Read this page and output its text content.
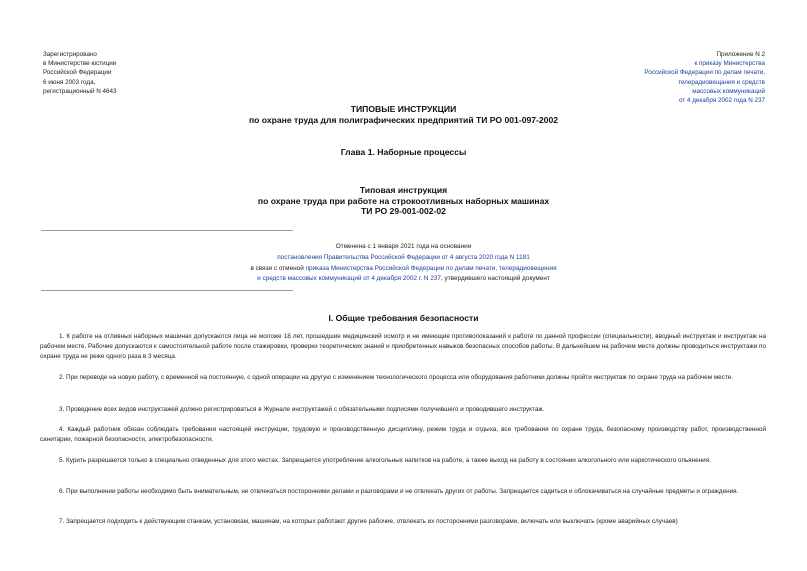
Зарегистрировано
в Министерстве юстиции
Российской Федерации
6 июня 2003 года,
регистрационный N 4643
Приложение N 2
к приказу Министерства
Российской Федерации по делам печати,
телерадиовещания и средств
массовых коммуникаций
от 4 декабря 2002 года N 237
ТИПОВЫЕ ИНСТРУКЦИИ
по охране труда для полиграфических предприятий ТИ РО 001-097-2002
Глава 1. Наборные процессы
Типовая инструкция
по охране труда при работе на строкоотливных наборных машинах
ТИ РО 29-001-002-02
Отменена с 1 января 2021 года на основании
постановления Правительства Российской Федерации от 4 августа 2020 года N 1181
в связи с отменой приказа Министерства Российской Федерации по делам печати, телерадиовещения
и средств массовых коммуникаций от 4 декабря 2002 г. N 237, утвердившего настоящий документ
I. Общие требования безопасности
1. К работе на отливных наборных машинах допускаются лица не моложе 18 лет, прошедшие медицинский осмотр и не имеющие противопоказаний к работе по данной профессии (специальности), вводный инструктаж и инструктаж на рабочем месте. Рабочие допускаются к самостоятельной работе после стажировки, проверки теоретических знаний и приобретенных навыков безопасных способов работы. В дальнейшем на рабочем месте должны проводиться инструктажи по охране труда не реже одного раза в 3 месяца.
2. При переводе на новую работу, с временной на постоянную, с одной операции на другую с изменением технологического процесса или оборудования работники должны пройти инструктаж по охране труда на рабочем месте.
3. Проведение всех видов инструктажей должно регистрироваться в Журнале инструктажей с обязательными подписями получившего и проводившего инструктаж.
4. Каждый работник обязан соблюдать требования настоящей инструкции, трудовую и производственную дисциплину, режим труда и отдыха, все требования по охране труда, безопасному производству работ, производственной санитарии, пожарной безопасности, электробезопасности.
5. Курить разрешается только в специально отведенных для этого местах. Запрещается употребление алкогольных напитков на работе, а также выход на работу в состоянии алкогольного или наркотического опьянения.
6. При выполнении работы необходимо быть внимательным, не отвлекаться посторонними делами и разговорами и не отвлекать других от работы. Запрещается садиться и облокачиваться на случайные предметы и ограждения.
7. Запрещается подходить к действующим станкам, установкам, машинам, на которых работают другие рабочие, отвлекать их посторонними разговорами, включать или выключать (кроме аварийных случаев)
